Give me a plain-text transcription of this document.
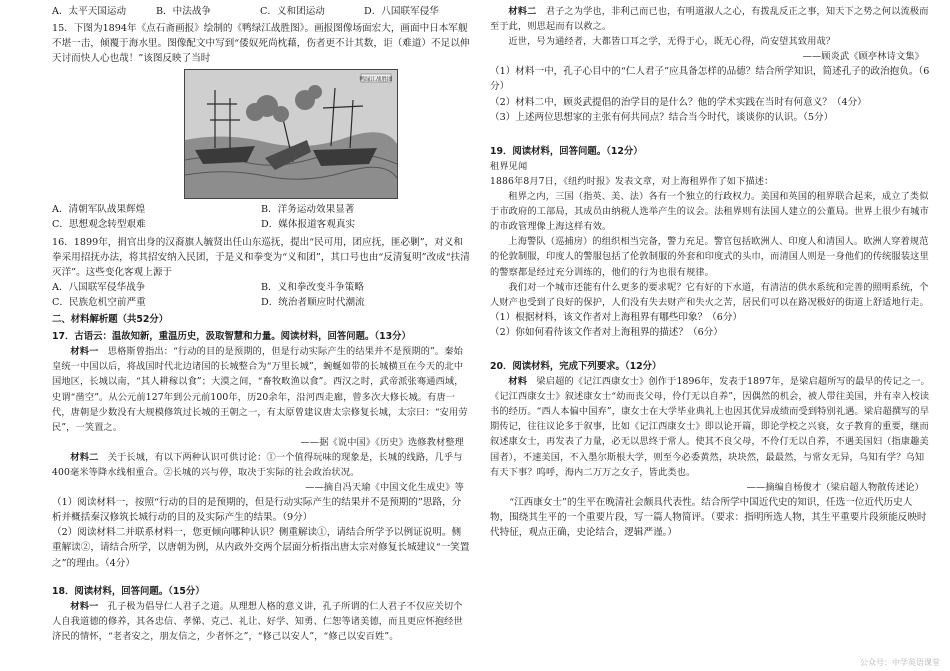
A．太平天国运动	B．中法战争	C．义和团运动	D．八国联军侵华

15．下图为1894年《点石斋画报》绘制的《鸭绿江战胜图》。画报图像场面宏大，画面中日本军舰不堪一击，倾覆于海水里。图像配文中写到“倭奴死尚枕藉，伤者更不计其数，讵（难道）不足以伸天讨而快人心也哉！”该图反映了当时

鸭绿江战胜图
A．清朝军队战果辉煌	B．洋务运动效果显著
C．思想观念转型艰难	D．媒体报道客观真实

16．1899年，捐官出身的汉裔旗人毓贤出任山东巡抚，提出“民可用，团应抚，匪必剿”，对义和拳采用招抚办法，将其招安纳入民团，于是义和拳变为“义和团”，其口号也由“反清复明”改成“扶清灭洋”。这些变化客观上源于

A．八国联军侵华战争	B．义和拳改变斗争策略
C．民族危机空前严重	D．统治者顺应时代潮流

二、材料解析题（共52分）

17．古语云：温故知新，重温历史，汲取智慧和力量。阅读材料，回答问题。（13分）

材料一　 思格斯曾指出：“行动的目的是预期的，但是行动实际产生的结果并不是预期的”。秦始皇统一中国以后，将战国时代北边诸国的长城整合为“万里长城”，蜿蜒如带的长城横亘在今天的北中国地区，长城以南，“其人耕稼以食”；大漠之间，“畜牧畋渔以食”。西汉之时，武帝派张骞通西域，史谓“凿空”。从公元前127年到公元前100年，历20余年，沿河西走廊，曾多次大修长城。有唐一代，唐朝是少数没有大规模修筑过长城的王朝之一，有太原曾建议唐太宗修复长城，太宗曰：“安用劳民”，一笑置之。

——据《说中国》《历史》选修教材整理

材料二　 关于长城，有以下两种认识可供讨论：①一个值得玩味的现象是，长城的线路，几乎与400毫米等降水线相重合。②长城的兴与停，取决于实际的社会政治状况。

——摘自冯天瑜《中国文化生成史》等

（1）阅读材料一，按照“行动的目的是预期的，但是行动实际产生的结果并不是预期的”思路，分析并概括秦汉修筑长城行动的目的及实际产生的结果。（9分）

（2）阅读材料二并联系材料一，您更倾向哪种认识？侧重解读①，请结合所学予以例证说明。侧重解读②，请结合所学，以唐朝为例，从内政外交两个层面分析指出唐太宗对修复长城建议“一笑置之”的理由。（4分）

18．阅读材料，回答问题。（15分）

材料一　 孔子极为倡导仁人君子之道。从理想人格的意义讲，孔子所谓的仁人君子不仅应关切个人自我道德的修养，其各忠信、孝悌、克己、礼让、好学、知勇、仁恕等诸美德，而且更应怀抱经世济民的情怀，“老者安之，朋友信之，少者怀之”，“修己以安人”，“修己以安百姓”。

材料二　 君子之为学也，非利己而已也，有明道淑人之心，有拨乱反正之事，知天下之势之何以流极而至于此，则思起而有以救之。

近世，号为通经者，大都皆口耳之学，无得于心，既无心得，尚安望其致用哉？

——顾炎武《顾亭林诗文集》

（1）材料一中，孔子心目中的“仁人君子”应具备怎样的品德？结合所学知识，简述孔子的政治抱负。（6分）

（2）材料二中，顾炎武提倡的治学目的是什么？他的学术实践在当时有何意义？（4分）

（3）上述两位思想家的主张有何共同点？结合当今时代，谈谈你的认识。（5分）

19．阅读材料，回答问题。（12分）

租界见闻

1886年8月7日，《纽约时报》发表文章，对上海租界作了如下描述：

租界之内，三国（指英、美、法）各有一个独立的行政权力。美国和英国的租界联合起来，成立了类似于市政府的工部局，其成员由纳税人选举产生的议会。法租界则有法国人建立的公董局。世界上很少有城市的市政管理像上海这样有效。

上海警队（巡捕房）的组织相当完备，警力充足。警官包括欧洲人、印度人和清国人。欧洲人穿着规范的伦敦制服，印度人的警服包括了伦敦制服的外套和印度式的头巾，而清国人则是一身他们的传统服装这里的警察都是经过充分训练的，他们的行为也很有规律。

我们对一个城市还能有什么更多的要求呢？它有好的下水道，有清洁的供水系统和完善的照明系统，个人财产也受到了良好的保护，人们没有失去财产和失火之苦，居民们可以在路况极好的街道上舒适地行走。

（1）根据材料，该文作者对上海租界有哪些印象？（6分）

（2）你如何看待该文作者对上海租界的描述？（6分）

20．阅读材料，完成下列要求。（12分）

材料　 梁启超的《记江西康女士》创作于1896年，发表于1897年，是梁启超所写的最早的传记之一。《记江西康女士》叙述康女士“幼而丧父母，伶仃无以自养”，因偶然的机会，被人带往美国，并有幸入校读书的经历。“西人本偏中国弃”，康女士在大学毕业典礼上也因其优异成绩而受到特别礼遇。梁启超撰写的早期传记，往往议论多于叙事，比如《记江西康女士》即以论开篇，即论学校之兴衰，女子教育的重要，继而叙述康女士，再发表了力量，必无以思终于常人。使其不良父母，不伶仃无以自养，不遇美国妇（指康趣美国者），不速美国，不入墨尔斯根大学，则至今必委黄然，块块然，最最然，与常女无异，乌知有学？乌知有天下事？呜呼，海内二万万之女子，皆此类也。

——摘编自杨俊才（梁启超人物散传述论）

“江西康女士”的生平在晚清社会颇具代表性。结合所学中国近代史的知识，任选一位近代历史人物，围绕其生平的一个重要片段，写一篇人物简评。（要求：指明所选人物，其生平重要片段须能反映时代特征，观点正确，史论结合，逻辑严谨。）

公众号：中学英语课堂
